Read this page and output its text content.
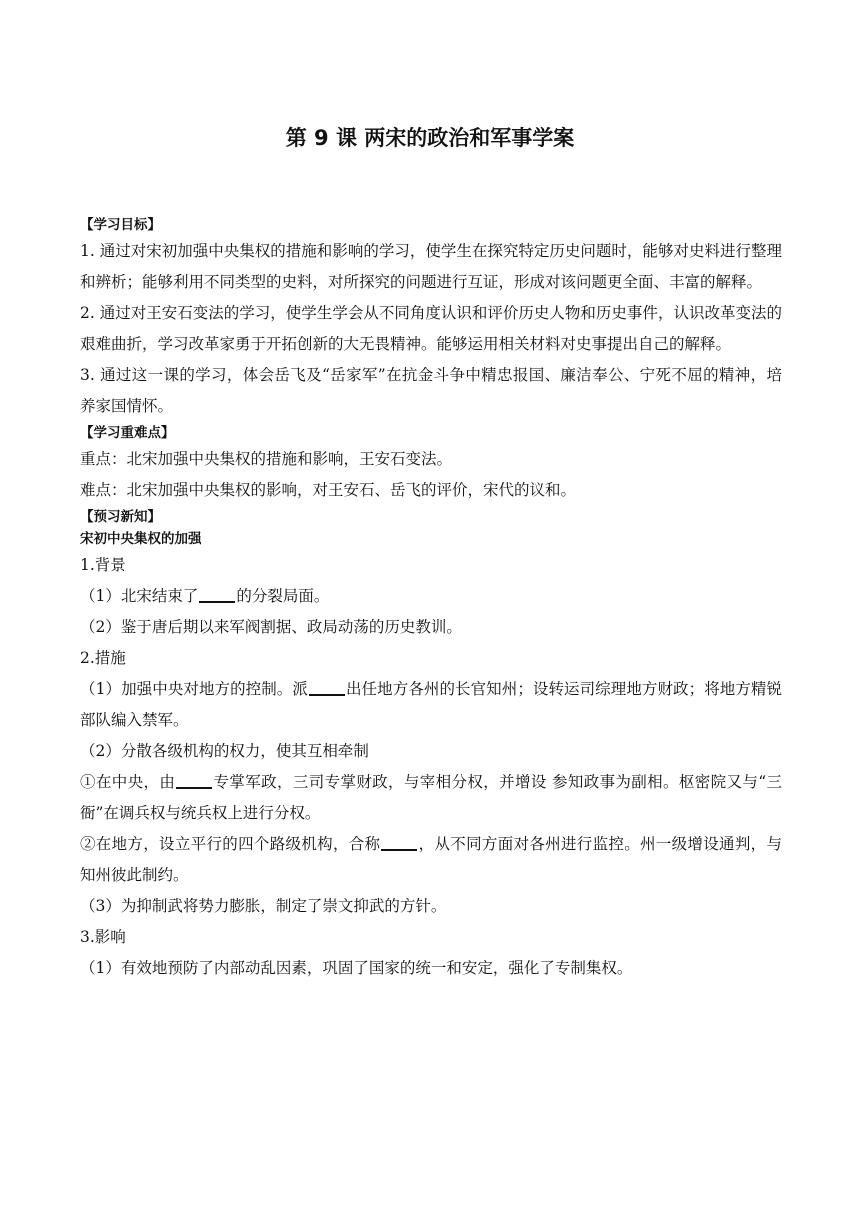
第 9 课 两宋的政治和军事学案
【学习目标】
1. 通过对宋初加强中央集权的措施和影响的学习，使学生在探究特定历史问题时，能够对史料进行整理和辨析；能够利用不同类型的史料，对所探究的问题进行互证，形成对该问题更全面、丰富的解释。
2. 通过对王安石变法的学习，使学生学会从不同角度认识和评价历史人物和历史事件，认识改革变法的艰难曲折，学习改革家勇于开拓创新的大无畏精神。能够运用相关材料对史事提出自己的解释。
3. 通过这一课的学习，体会岳飞及“岳家军”在抗金斗争中精忠报国、廉洁奉公、宁死不屈的精神，培养家国情怀。
【学习重难点】
重点：北宋加强中央集权的措施和影响，王安石变法。
难点：北宋加强中央集权的影响，对王安石、岳飞的评价，宋代的议和。
【预习新知】
宋初中央集权的加强
1.背景
（1）北宋结束了 的分裂局面。
（2）鉴于唐后期以来军阀割据、政局动荡的历史教训。
2.措施
（1）加强中央对地方的控制。派 出任地方各州的长官知州；设转运司综理地方财政；将地方精锐部队编入禁军。
（2）分散各级机构的权力，使其互相牵制
①在中央，由 专掌军政，三司专掌财政，与宰相分权，并增设 参知政事为副相。枢密院又与“三衙”在调兵权与统兵权上进行分权。
②在地方，设立平行的四个路级机构，合称 ，从不同方面对各州进行监控。州一级增设通判，与知州彼此制约。
（3）为抑制武将势力膨胀，制定了崇文抑武的方针。
3.影响
（1）有效地预防了内部动乱因素，巩固了国家的统一和安定，强化了专制集权。
